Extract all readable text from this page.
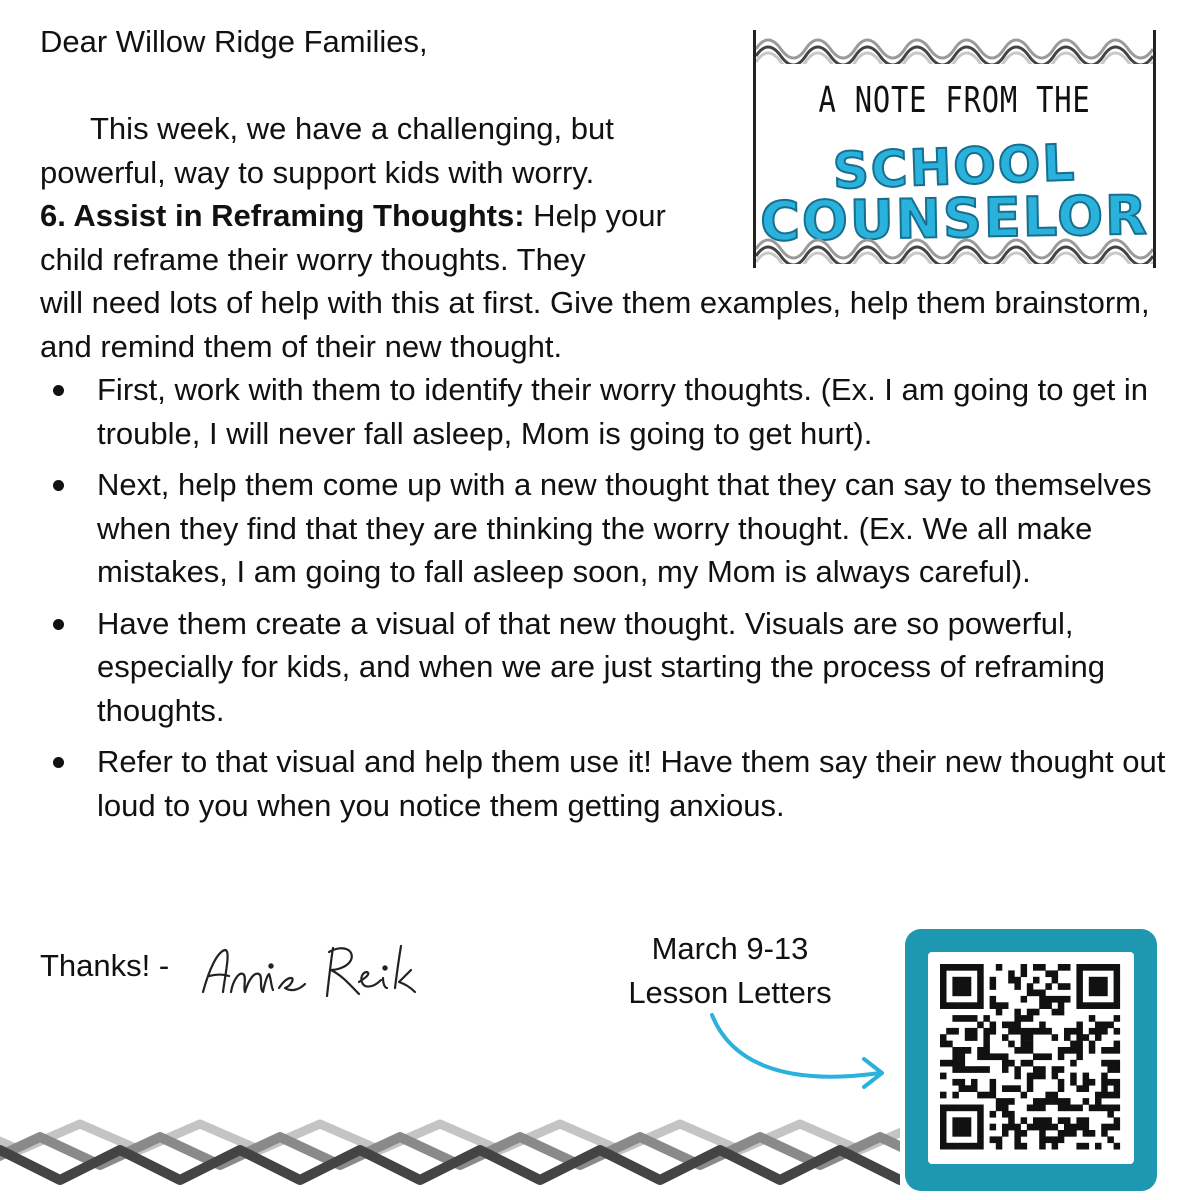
Dear Willow Ridge Families,
This week, we have a challenging, but
powerful, way to support kids with worry.
6. Assist in Reframing Thoughts: Help your
child reframe their worry thoughts. They
will need lots of help with this at first. Give them examples, help them brainstorm, and remind them of their new thought.
First, work with them to identify their worry thoughts. (Ex. I am going to get in trouble, I will never fall asleep, Mom is going to get hurt).
Next, help them come up with a new thought that they can say to themselves when they find that they are thinking the worry thought. (Ex. We all make mistakes, I am going to fall asleep soon, my Mom is always careful).
Have them create a visual of that new thought. Visuals are so powerful, especially for kids, and when we are just starting the process of reframing thoughts.
Refer to that visual and help them use it! Have them say their new thought out loud to you when you notice them getting anxious.
A NOTE FROM THE
SCHOOL
COUNSELOR
Thanks! -	March 9-13
Lesson Letters
